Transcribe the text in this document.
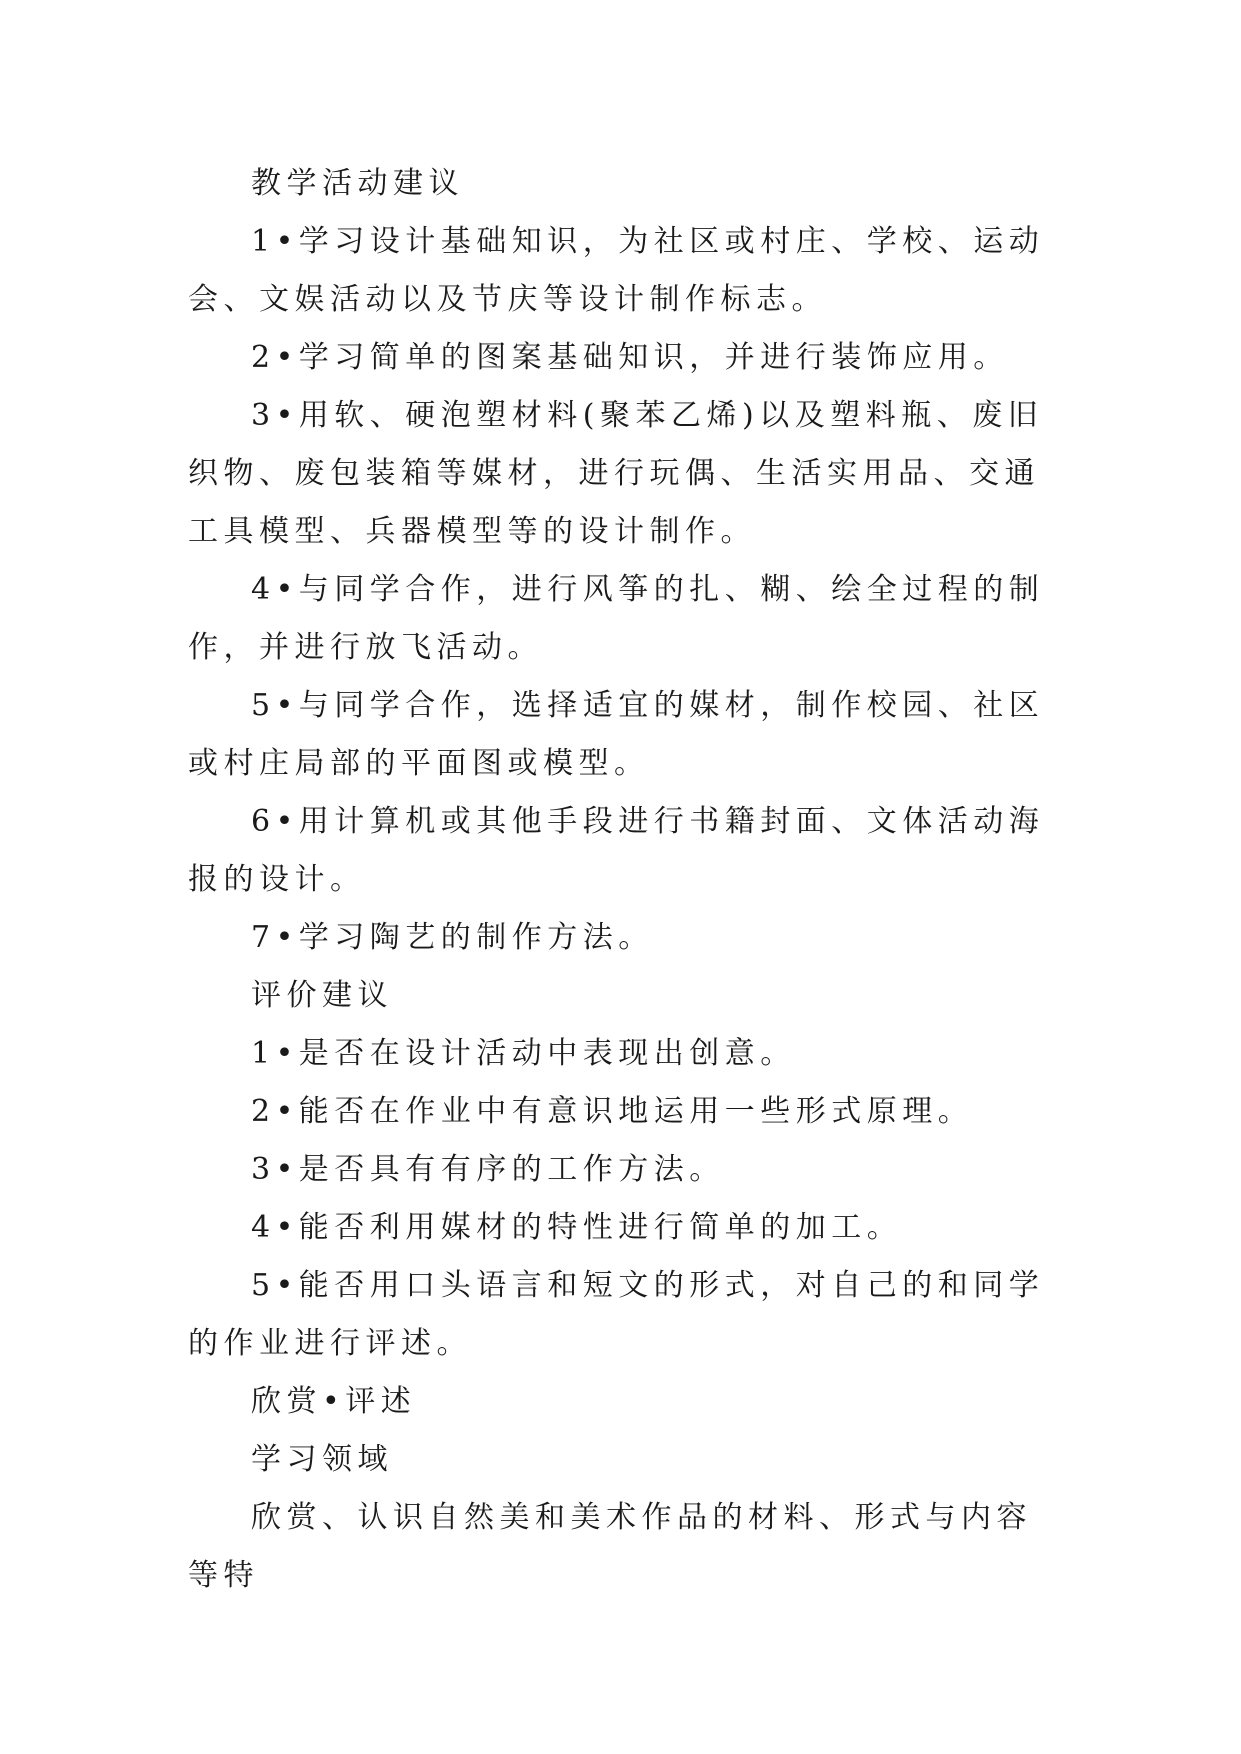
教学活动建议

1•学习设计基础知识，为社区或村庄、学校、运动会、文娱活动以及节庆等设计制作标志。

2•学习简单的图案基础知识，并进行装饰应用。

3•用软、硬泡塑材料(聚苯乙烯)以及塑料瓶、废旧织物、废包装箱等媒材，进行玩偶、生活实用品、交通工具模型、兵器模型等的设计制作。

4•与同学合作，进行风筝的扎、糊、绘全过程的制作，并进行放飞活动。

5•与同学合作，选择适宜的媒材，制作校园、社区或村庄局部的平面图或模型。

6•用计算机或其他手段进行书籍封面、文体活动海报的设计。

7•学习陶艺的制作方法。

评价建议

1•是否在设计活动中表现出创意。

2•能否在作业中有意识地运用一些形式原理。

3•是否具有有序的工作方法。

4•能否利用媒材的特性进行简单的加工。

5•能否用口头语言和短文的形式，对自己的和同学的作业进行评述。

欣赏•评述

学习领域

欣赏、认识自然美和美术作品的材料、形式与内容等特
